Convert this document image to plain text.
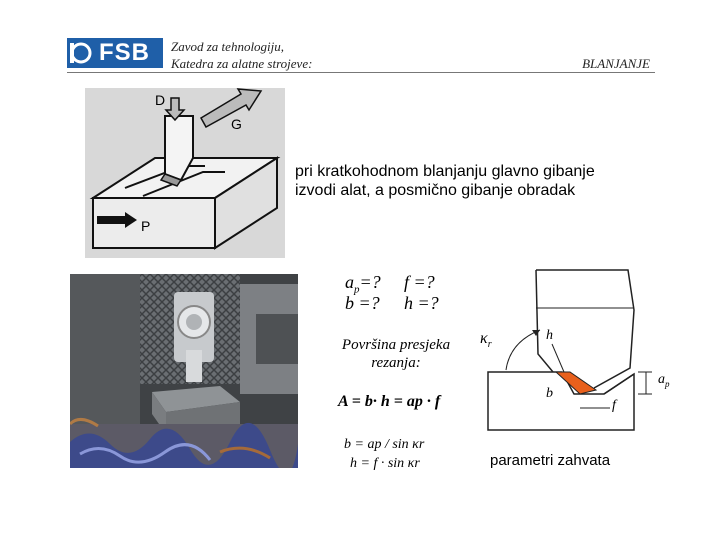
FSB Zavod za tehnologiju,
Katedra za alatne strojeve:	BLANJANJE
D
G
P
pri kratkohodnom blanjanju glavno gibanje
izvodi alat, a posmično gibanje obradak
$a_p=$? f =?
b =? h =?
Površina presjeka
rezanja:
A = b· h = ap · f
b = ap / sin κr
h = f · sin κr
$\kappa_r$
h
b
$a_p$
f
parametri zahvata
